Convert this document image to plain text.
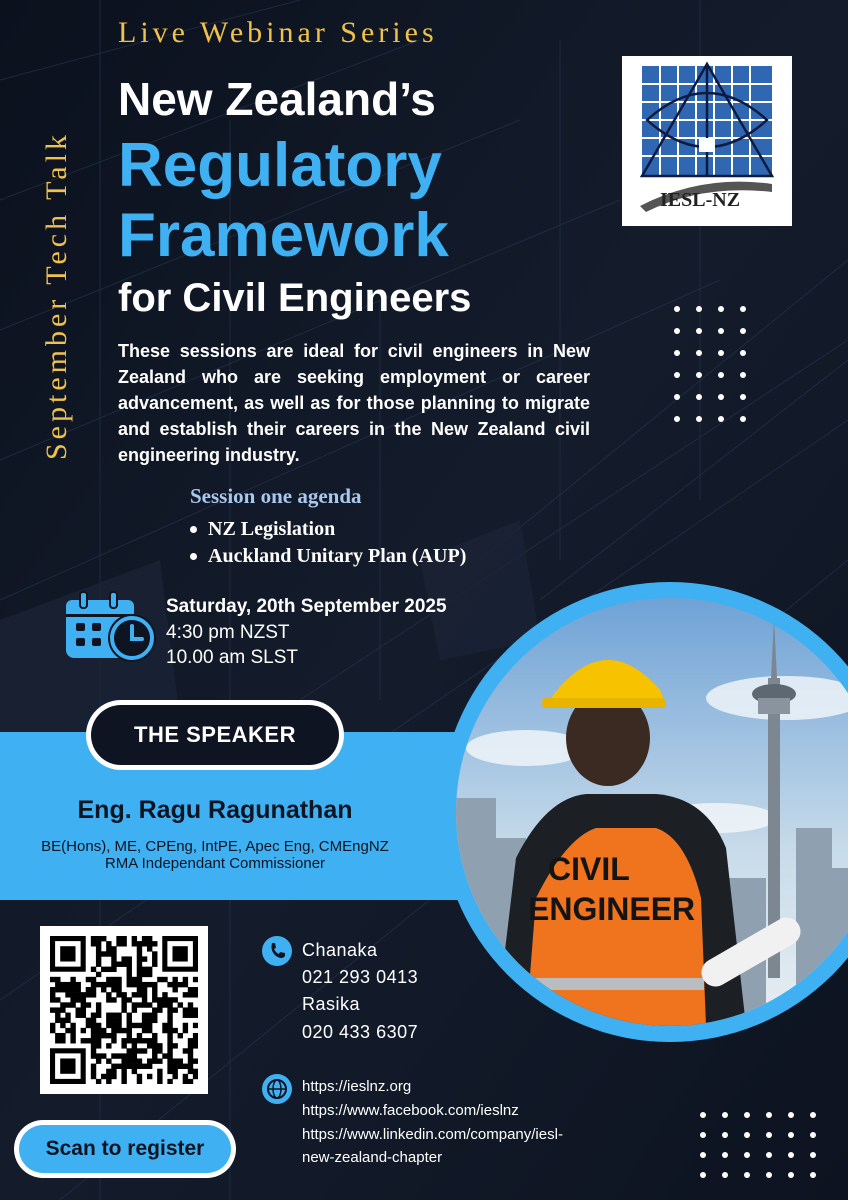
September Tech Talk
Live Webinar Series
New Zealand’s
Regulatory
Framework
for Civil Engineers
These sessions are ideal for civil engineers in New Zealand who are seeking employment or career advancement, as well as for those planning to migrate and establish their careers in the New Zealand civil engineering industry.
IESL-NZ
Session one agenda
NZ Legislation
Auckland Unitary Plan (AUP)
Saturday, 20th September 2025
4:30 pm NZST
10.00 am SLST
CIVIL
ENGINEER
THE SPEAKER
Eng. Ragu Ragunathan
BE(Hons), ME, CPEng, IntPE, Apec Eng, CMEngNZ
RMA Independant Commissioner
Chanaka
021 293 0413
Rasika
020 433 6307
https://ieslnz.org
https://www.facebook.com/ieslnz
https://www.linkedin.com/company/iesl-
new-zealand-chapter
Scan to register
